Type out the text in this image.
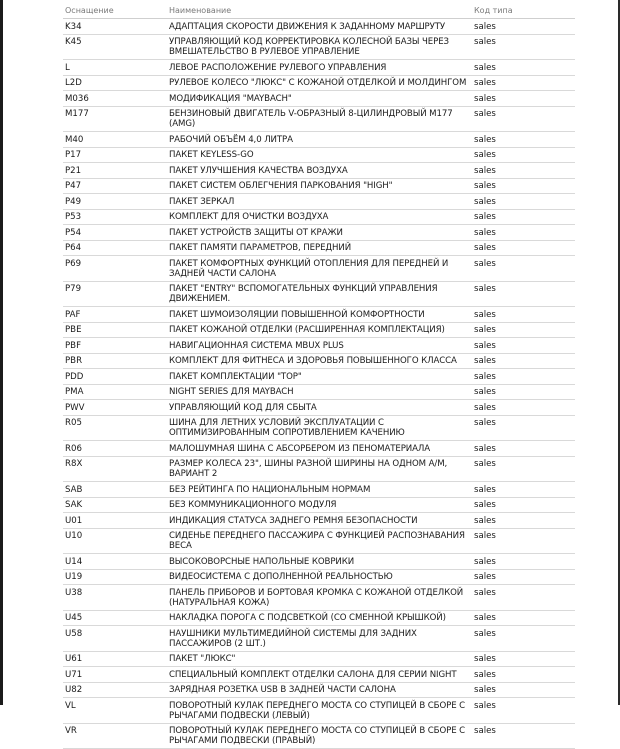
Оснащение	Наименование	Код типа
K34	АДАПТАЦИЯ СКОРОСТИ ДВИЖЕНИЯ К ЗАДАННОМУ МАРШРУТУ	sales
K45	УПРАВЛЯЮЩИЙ КОД КОРРЕКТИРОВКА КОЛЕСНОЙ БАЗЫ ЧЕРЕЗ ВМЕШАТЕЛЬСТВО В РУЛЕВОЕ УПРАВЛЕНИЕ	sales
L	ЛЕВОЕ РАСПОЛОЖЕНИЕ РУЛЕВОГО УПРАВЛЕНИЯ	sales
L2D	РУЛЕВОЕ КОЛЕСО "ЛЮКС" С КОЖАНОЙ ОТДЕЛКОЙ И МОЛДИНГОМ	sales
M036	МОДИФИКАЦИЯ "MAYBACH"	sales
M177	БЕНЗИНОВЫЙ ДВИГАТЕЛЬ V-ОБРАЗНЫЙ 8-ЦИЛИНДРОВЫЙ M177 (AMG)	sales
M40	РАБОЧИЙ ОБЪЁМ 4,0 ЛИТРА	sales
P17	ПАКЕТ KEYLESS-GO	sales
P21	ПАКЕТ УЛУЧШЕНИЯ КАЧЕСТВА ВОЗДУХА	sales
P47	ПАКЕТ СИСТЕМ ОБЛЕГЧЕНИЯ ПАРКОВАНИЯ "HIGH"	sales
P49	ПАКЕТ ЗЕРКАЛ	sales
P53	КОМПЛЕКТ ДЛЯ ОЧИСТКИ ВОЗДУХА	sales
P54	ПАКЕТ УСТРОЙСТВ ЗАЩИТЫ ОТ КРАЖИ	sales
P64	ПАКЕТ ПАМЯТИ ПАРАМЕТРОВ, ПЕРЕДНИЙ	sales
P69	ПАКЕТ КОМФОРТНЫХ ФУНКЦИЙ ОТОПЛЕНИЯ ДЛЯ ПЕРЕДНЕЙ И ЗАДНЕЙ ЧАСТИ САЛОНА	sales
P79	ПАКЕТ "ENTRY" ВСПОМОГАТЕЛЬНЫХ ФУНКЦИЙ УПРАВЛЕНИЯ ДВИЖЕНИЕМ.	sales
PAF	ПАКЕТ ШУМОИЗОЛЯЦИИ ПОВЫШЕННОЙ КОМФОРТНОСТИ	sales
PBE	ПАКЕТ КОЖАНОЙ ОТДЕЛКИ (РАСШИРЕННАЯ КОМПЛЕКТАЦИЯ)	sales
PBF	НАВИГАЦИОННАЯ СИСТЕМА MBUX PLUS	sales
PBR	КОМПЛЕКТ ДЛЯ ФИТНЕСА И ЗДОРОВЬЯ ПОВЫШЕННОГО КЛАССА	sales
PDD	ПАКЕТ КОМПЛЕКТАЦИИ "TOP"	sales
PMA	NIGHT SERIES ДЛЯ MAYBACH	sales
PWV	УПРАВЛЯЮЩИЙ КОД ДЛЯ СБЫТА	sales
R05	ШИНА ДЛЯ ЛЕТНИХ УСЛОВИЙ ЭКСПЛУАТАЦИИ С ОПТИМИЗИРОВАННЫМ СОПРОТИВЛЕНИЕМ КАЧЕНИЮ	sales
R06	МАЛОШУМНАЯ ШИНА С АБСОРБЕРОМ ИЗ ПЕНОМАТЕРИАЛА	sales
R8X	РАЗМЕР КОЛЕСА 23", ШИНЫ РАЗНОЙ ШИРИНЫ НА ОДНОМ А/М, ВАРИАНТ 2	sales
SAB	БЕЗ РЕЙТИНГА ПО НАЦИОНАЛЬНЫМ НОРМАМ	sales
SAK	БЕЗ КОММУНИКАЦИОННОГО МОДУЛЯ	sales
U01	ИНДИКАЦИЯ СТАТУСА ЗАДНЕГО РЕМНЯ БЕЗОПАСНОСТИ	sales
U10	СИДЕНЬЕ ПЕРЕДНЕГО ПАССАЖИРА С ФУНКЦИЕЙ РАСПОЗНАВАНИЯ ВЕСА	sales
U14	ВЫСОКОВОРСНЫЕ НАПОЛЬНЫЕ КОВРИКИ	sales
U19	ВИДЕОСИСТЕМА С ДОПОЛНЕННОЙ РЕАЛЬНОСТЬЮ	sales
U38	ПАНЕЛЬ ПРИБОРОВ И БОРТОВАЯ КРОМКА С КОЖАНОЙ ОТДЕЛКОЙ (НАТУРАЛЬНАЯ КОЖА)	sales
U45	НАКЛАДКА ПОРОГА С ПОДСВЕТКОЙ (СО СМЕННОЙ КРЫШКОЙ)	sales
U58	НАУШНИКИ МУЛЬТИМЕДИЙНОЙ СИСТЕМЫ ДЛЯ ЗАДНИХ ПАССАЖИРОВ (2 ШТ.)	sales
U61	ПАКЕТ "ЛЮКС"	sales
U71	СПЕЦИАЛЬНЫЙ КОМПЛЕКТ ОТДЕЛКИ САЛОНА ДЛЯ СЕРИИ NIGHT	sales
U82	ЗАРЯДНАЯ РОЗЕТКА USB В ЗАДНЕЙ ЧАСТИ САЛОНА	sales
VL	ПОВОРОТНЫЙ КУЛАК ПЕРЕДНЕГО МОСТА СО СТУПИЦЕЙ В СБОРЕ С РЫЧАГАМИ ПОДВЕСКИ (ЛЕВЫЙ)	sales
VR	ПОВОРОТНЫЙ КУЛАК ПЕРЕДНЕГО МОСТА СО СТУПИЦЕЙ В СБОРЕ С РЫЧАГАМИ ПОДВЕСКИ (ПРАВЫЙ)	sales
